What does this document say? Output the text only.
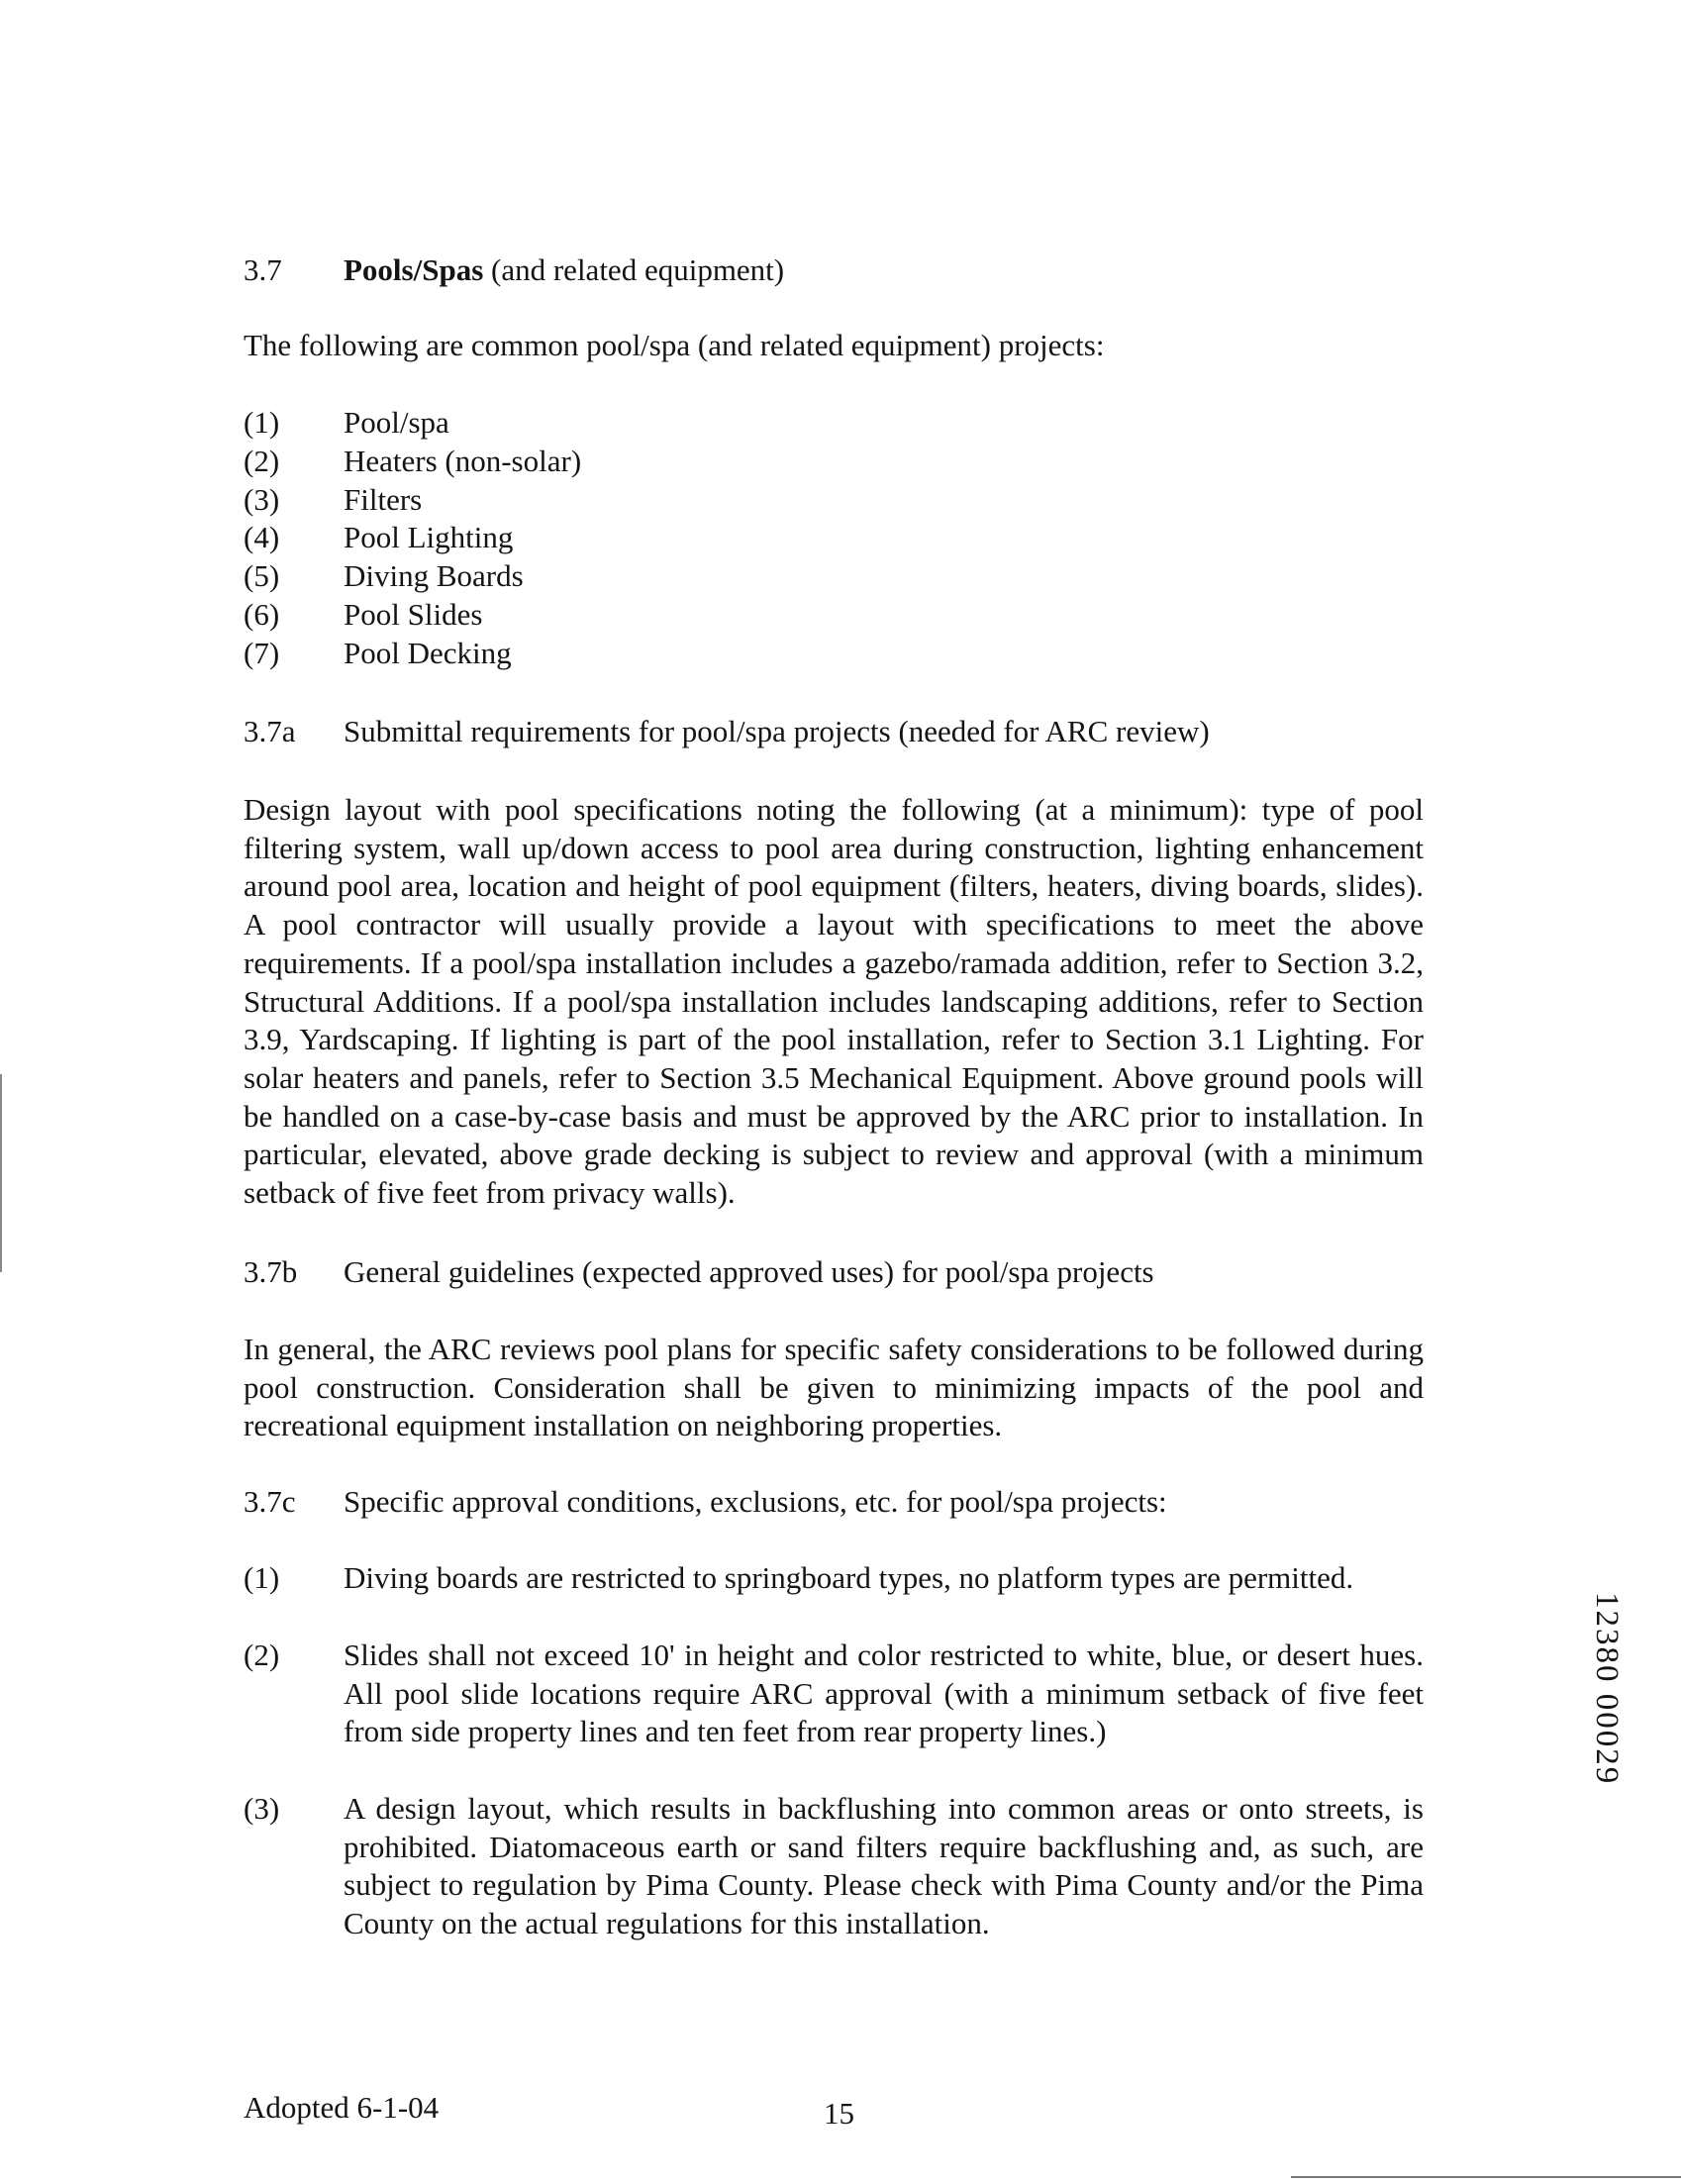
3.7 Pools/Spas (and related equipment)
The following are common pool/spa (and related equipment) projects:
(1) Pool/spa
(2) Heaters (non-solar)
(3) Filters
(4) Pool Lighting
(5) Diving Boards
(6) Pool Slides
(7) Pool Decking
3.7a Submittal requirements for pool/spa projects (needed for ARC review)
Design layout with pool specifications noting the following (at a minimum): type of pool filtering system, wall up/down access to pool area during construction, lighting enhancement around pool area, location and height of pool equipment (filters, heaters, diving boards, slides). A pool contractor will usually provide a layout with specifications to meet the above requirements. If a pool/spa installation includes a gazebo/ramada addition, refer to Section 3.2, Structural Additions. If a pool/spa installation includes landscaping additions, refer to Section 3.9, Yardscaping. If lighting is part of the pool installation, refer to Section 3.1 Lighting. For solar heaters and panels, refer to Section 3.5 Mechanical Equipment. Above ground pools will be handled on a case-by-case basis and must be approved by the ARC prior to installation. In particular, elevated, above grade decking is subject to review and approval (with a minimum setback of five feet from privacy walls).
3.7b General guidelines (expected approved uses) for pool/spa projects
In general, the ARC reviews pool plans for specific safety considerations to be followed during pool construction. Consideration shall be given to minimizing impacts of the pool and recreational equipment installation on neighboring properties.
3.7c Specific approval conditions, exclusions, etc. for pool/spa projects:
(1) Diving boards are restricted to springboard types, no platform types are permitted.
(2) Slides shall not exceed 10' in height and color restricted to white, blue, or desert hues. All pool slide locations require ARC approval (with a minimum setback of five feet from side property lines and ten feet from rear property lines.)
(3) A design layout, which results in backflushing into common areas or onto streets, is prohibited. Diatomaceous earth or sand filters require backflushing and, as such, are subject to regulation by Pima County. Please check with Pima County and/or the Pima County on the actual regulations for this installation.
Adopted 6-1-04	15
12380 00029
